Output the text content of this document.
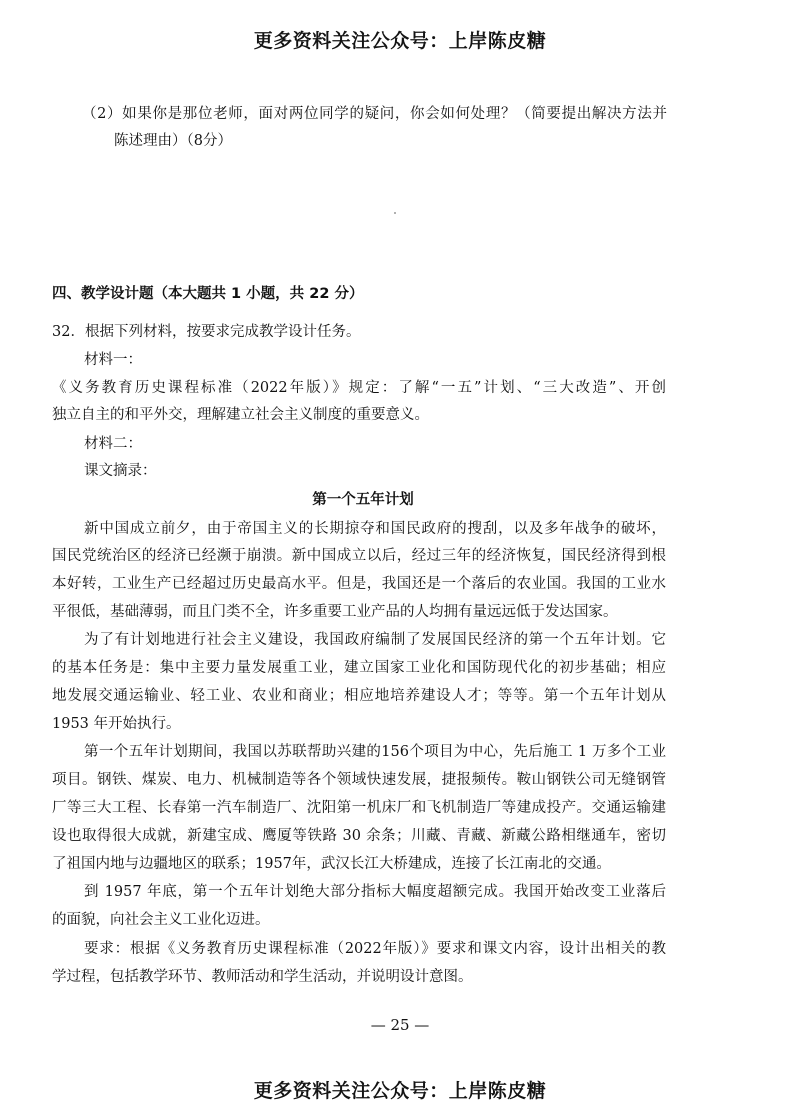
更多资料关注公众号：上岸陈皮糖
（2）如果你是那位老师，面对两位同学的疑问，你会如何处理？（简要提出解决方法并
陈述理由）（8分）
四、教学设计题（本大题共 1 小题，共 22 分）
32．根据下列材料，按要求完成教学设计任务。
材料一：
《义务教育历史课程标准（2022年版）》规定：了解“一五”计划、“三大改造”、开创
独立自主的和平外交，理解建立社会主义制度的重要意义。
材料二：
课文摘录：
第一个五年计划
新中国成立前夕，由于帝国主义的长期掠夺和国民政府的搜刮，以及多年战争的破坏，
国民党统治区的经济已经濒于崩溃。新中国成立以后，经过三年的经济恢复，国民经济得到根
本好转，工业生产已经超过历史最高水平。但是，我国还是一个落后的农业国。我国的工业水
平很低，基础薄弱，而且门类不全，许多重要工业产品的人均拥有量远远低于发达国家。
为了有计划地进行社会主义建设，我国政府编制了发展国民经济的第一个五年计划。它
的基本任务是：集中主要力量发展重工业，建立国家工业化和国防现代化的初步基础；相应
地发展交通运输业、轻工业、农业和商业；相应地培养建设人才；等等。第一个五年计划从
1953 年开始执行。
第一个五年计划期间，我国以苏联帮助兴建的156个项目为中心，先后施工 1 万多个工业
项目。钢铁、煤炭、电力、机械制造等各个领域快速发展，捷报频传。鞍山钢铁公司无缝钢管
厂等三大工程、长春第一汽车制造厂、沈阳第一机床厂和飞机制造厂等建成投产。交通运输建
设也取得很大成就，新建宝成、鹰厦等铁路 30 余条；川藏、青藏、新藏公路相继通车，密切
了祖国内地与边疆地区的联系；1957年，武汉长江大桥建成，连接了长江南北的交通。
到 1957 年底，第一个五年计划绝大部分指标大幅度超额完成。我国开始改变工业落后
的面貌，向社会主义工业化迈进。
要求：根据《义务教育历史课程标准（2022年版）》要求和课文内容，设计出相关的教
学过程，包括教学环节、教师活动和学生活动，并说明设计意图。
— 25 —
更多资料关注公众号：上岸陈皮糖
